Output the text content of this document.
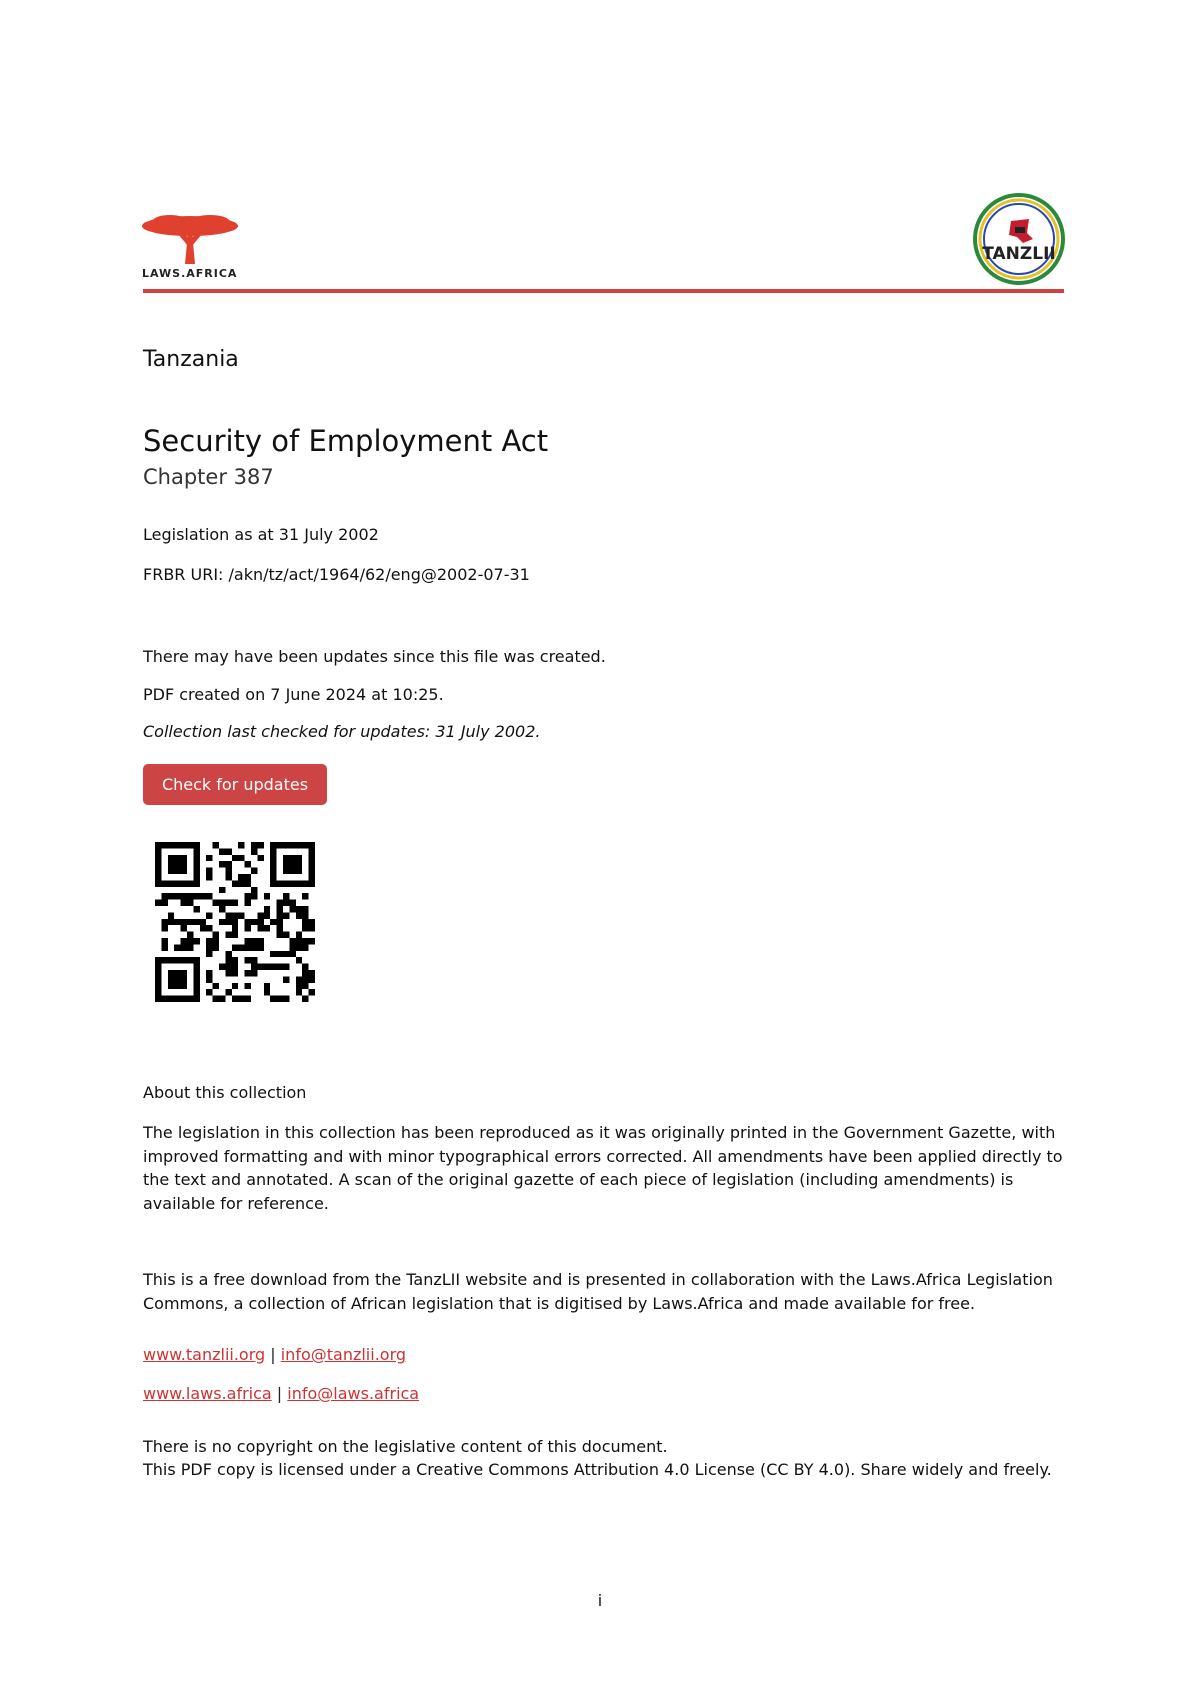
LAWS.AFRICA
TANZLII
Tanzania
Security of Employment Act
Chapter 387
Legislation as at 31 July 2002
FRBR URI: /akn/tz/act/1964/62/eng@2002-07-31
There may have been updates since this file was created.
PDF created on 7 June 2024 at 10:25.
Collection last checked for updates: 31 July 2002.
Check for updates
About this collection
The legislation in this collection has been reproduced as it was originally printed in the Government Gazette, with improved formatting and with minor typographical errors corrected. All amendments have been applied directly to the text and annotated. A scan of the original gazette of each piece of legislation (including amendments) is available for reference.
This is a free download from the TanzLII website and is presented in collaboration with the Laws.Africa Legislation Commons, a collection of African legislation that is digitised by Laws.Africa and made available for free.
www.tanzlii.org | info@tanzlii.org
www.laws.africa | info@laws.africa
There is no copyright on the legislative content of this document.
This PDF copy is licensed under a Creative Commons Attribution 4.0 License (CC BY 4.0). Share widely and freely.
i
